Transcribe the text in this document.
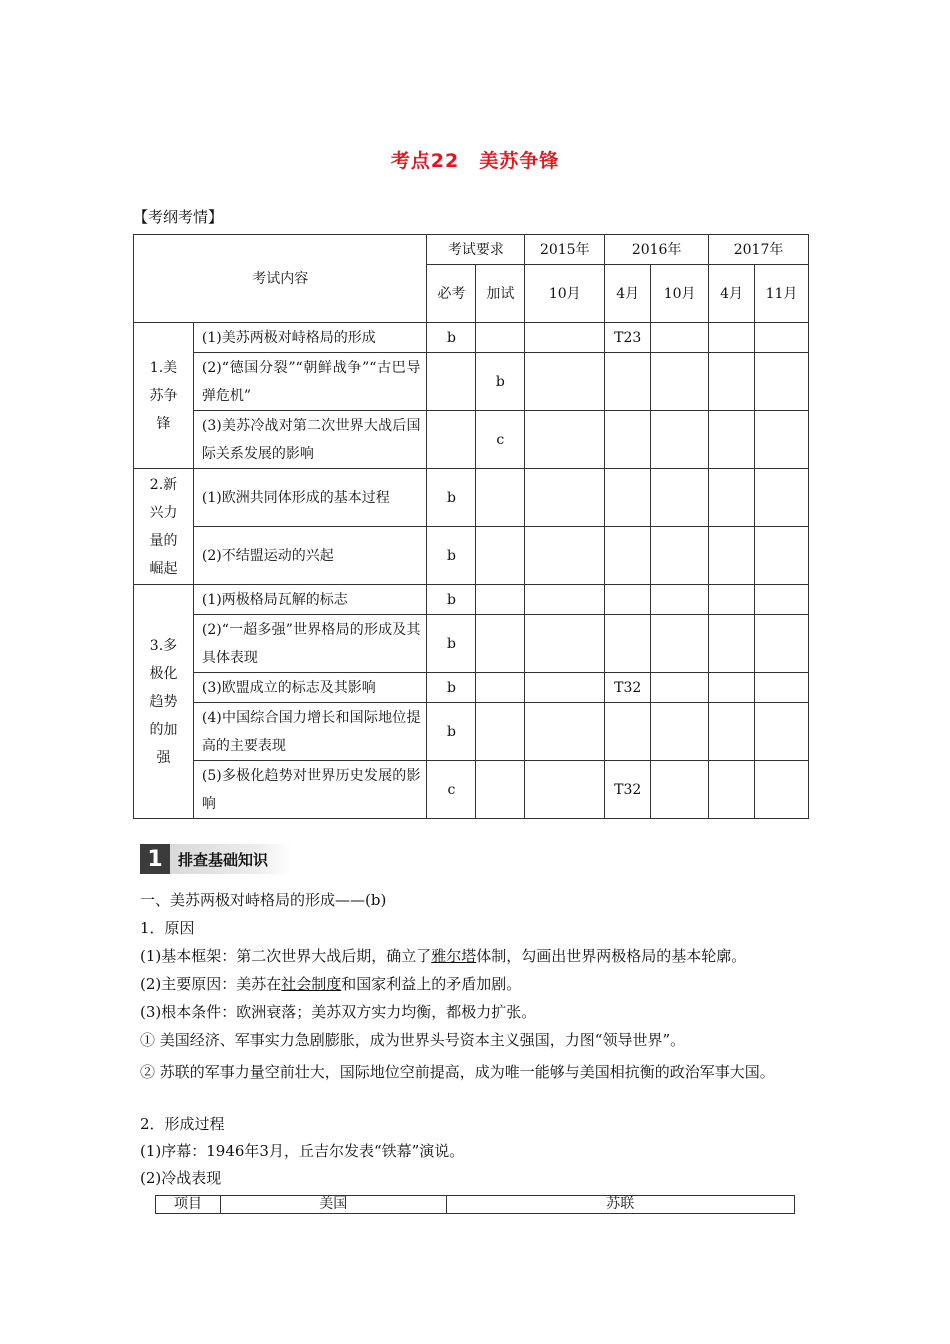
考点22　美苏争锋
【考纲考情】
考试内容		考试要求		2015年	2016年		2017年	
		必考	加试	10月	4月	10月	4月	11月
1.美苏争锋	(1)美苏两极对峙格局的形成	b			T23			
	(2)“德国分裂”“朝鲜战争”“古巴导弹危机”		b					
	(3)美苏冷战对第二次世界大战后国际关系发展的影响		c					
2.新兴力量的崛起	(1)欧洲共同体形成的基本过程	b						
	(2)不结盟运动的兴起	b						
3.多极化趋势的加强	(1)两极格局瓦解的标志	b						
	(2)“一超多强”世界格局的形成及其具体表现	b						
	(3)欧盟成立的标志及其影响	b			T32			
	(4)中国综合国力增长和国际地位提高的主要表现	b						
	(5)多极化趋势对世界历史发展的影响	c			T32			
1	排查基础知识
一、美苏两极对峙格局的形成——(b)
1．原因
(1)基本框架：第二次世界大战后期，确立了雅尔塔体制，勾画出世界两极格局的基本轮廓。
(2)主要原因：美苏在社会制度和国家利益上的矛盾加剧。
(3)根本条件：欧洲衰落；美苏双方实力均衡，都极力扩张。
① 美国经济、军事实力急剧膨胀，成为世界头号资本主义强国，力图“领导世界”。
② 苏联的军事力量空前壮大，国际地位空前提高，成为唯一能够与美国相抗衡的政治军事大国。
2．形成过程
(1)序幕：1946年3月，丘吉尔发表“铁幕”演说。
(2)冷战表现
项目	美国	苏联
